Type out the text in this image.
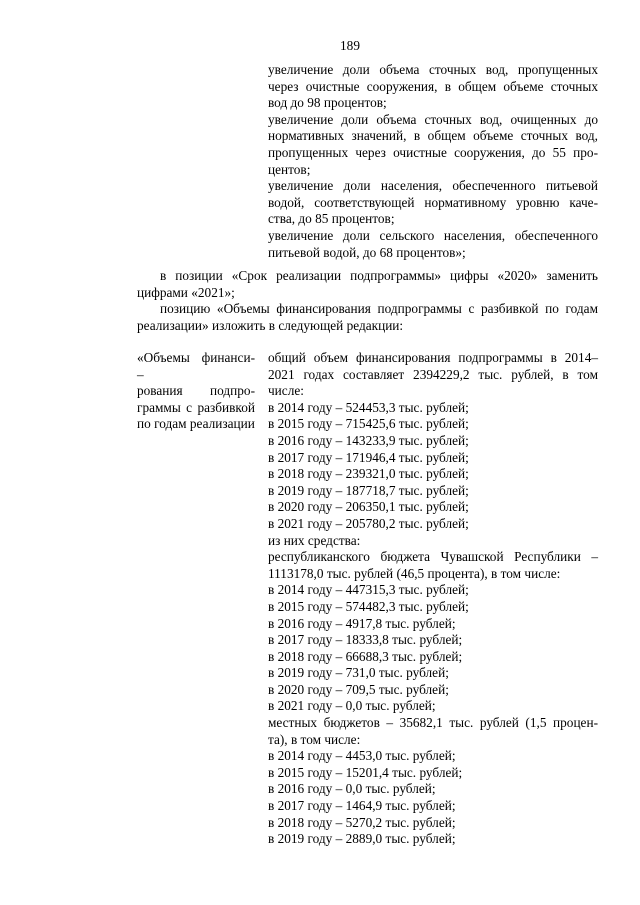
189
увеличение доли объема сточных вод, пропущенных
через очистные сооружения, в общем объеме сточных
вод до 98 процентов;
увеличение доли объема сточных вод, очищенных до
нормативных значений, в общем объеме сточных вод,
пропущенных через очистные сооружения, до 55 про-
центов;
увеличение доли населения, обеспеченного питьевой
водой, соответствующей нормативному уровню каче-
ства, до 85 процентов;
увеличение доли сельского населения, обеспеченного
питьевой водой, до 68 процентов»;
в позиции «Срок реализации подпрограммы» цифры «2020» заменить
цифрами «2021»;
позицию «Объемы финансирования подпрограммы с разбивкой по годам
реализации» изложить в следующей редакции:
«Объемы финанси- –
рования подпро-
граммы с разбивкой
по годам реализации
общий объем финансирования подпрограммы в 2014–
2021 годах составляет 2394229,2 тыс. рублей, в том
числе:
в 2014 году – 524453,3 тыс. рублей;
в 2015 году – 715425,6 тыс. рублей;
в 2016 году – 143233,9 тыс. рублей;
в 2017 году – 171946,4 тыс. рублей;
в 2018 году – 239321,0 тыс. рублей;
в 2019 году – 187718,7 тыс. рублей;
в 2020 году – 206350,1 тыс. рублей;
в 2021 году – 205780,2 тыс. рублей;
из них средства:
республиканского бюджета Чувашской Республики –
1113178,0 тыс. рублей (46,5 процента), в том числе:
в 2014 году – 447315,3 тыс. рублей;
в 2015 году – 574482,3 тыс. рублей;
в 2016 году – 4917,8 тыс. рублей;
в 2017 году – 18333,8 тыс. рублей;
в 2018 году – 66688,3 тыс. рублей;
в 2019 году – 731,0 тыс. рублей;
в 2020 году – 709,5 тыс. рублей;
в 2021 году – 0,0 тыс. рублей;
местных бюджетов – 35682,1 тыс. рублей (1,5 процен-
та), в том числе:
в 2014 году – 4453,0 тыс. рублей;
в 2015 году – 15201,4 тыс. рублей;
в 2016 году – 0,0 тыс. рублей;
в 2017 году – 1464,9 тыс. рублей;
в 2018 году – 5270,2 тыс. рублей;
в 2019 году – 2889,0 тыс. рублей;
